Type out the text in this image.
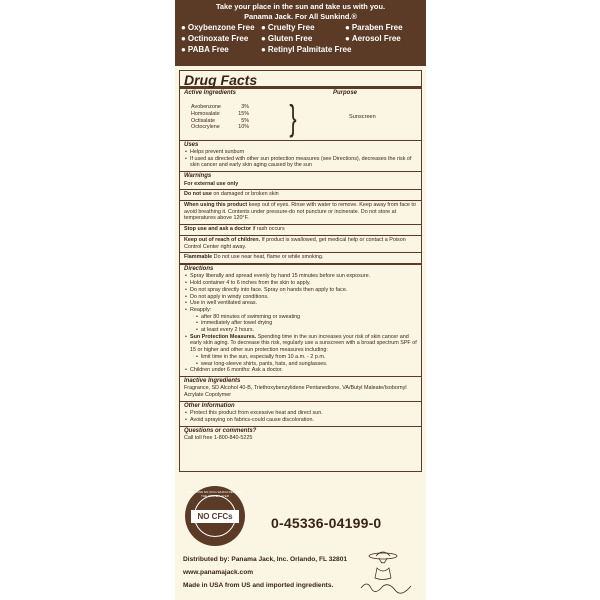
Take your place in the sun and take us with you.
Panama Jack. For All Sunkind.®
● Oxybenzone Free ● Cruelty Free	● Paraben Free
● Octinoxate Free	● Gluten Free	● Aerosol Free
● PABA Free	● Retinyl Palmitate Free
Drug Facts
Active Ingredients	Purpose
Avobenzone	3%
Homosalate	15%
Octisalate	5%
Octocrylene	10% }	Sunscreen
Uses
• Helps prevent sunburn
• If used as directed with other sun protection measures (see Directions), decreases the risk of skin cancer and early skin aging caused by the sun
Warnings
For external use only
Do not use on damaged or broken skin
When using this product keep out of eyes. Rinse with water to remove. Keep away from face to avoid breathing it. Contents under pressure-do not puncture or incinerate. Do not store at temperatures above 120°F.
Stop use and ask a doctor if rash occurs
Keep out of reach of children. If product is swallowed, get medical help or contact a Poison Control Center right away.
Flammable Do not use near heat, flame or while smoking.
Directions
• Spray liberally and spread evenly by hand 15 minutes before sun exposure.
• Hold container 4 to 6 inches from the skin to apply.
• Do not spray directly into face. Spray on hands then apply to face.
• Do not apply in windy conditions.
• Use in well ventilated areas.
• Reapply:
• after 80 minutes of swimming or sweating
• immediately after towel drying
• at least every 2 hours.
• Sun Protection Measures. Spending time in the sun increases your risk of skin cancer and early skin aging. To decrease this risk, regularly use a sunscreen with a broad spectrum SPF of 15 or higher and other sun protection measures including:
• limit time in the sun, especially from 10 a.m. - 2 p.m.
• wear long-sleeve shirts, pants, hats, and sunglasses.
• Children under 6 months: Ask a doctor.
Inactive Ingredients
Fragrance, SD Alcohol 40-B, Triethoxybenzylidene Pentanedione, VA/Butyl Maleate/Isobornyl Acrylate Copolymer
Other Information
• Protect this product from excessive heat and direct sun.
• Avoid spraying on fabrics-could cause discoloration.
Questions or comments?
Call toll free 1-800-840-5225
CONTAINS NO CFCs WHICH DEPLETE THE OZONE LAYER
NO CFCs	0-45336-04199-0
Distributed by: Panama Jack, Inc. Orlando, FL 32801
www.panamajack.com
Made in USA from US and imported ingredients.
